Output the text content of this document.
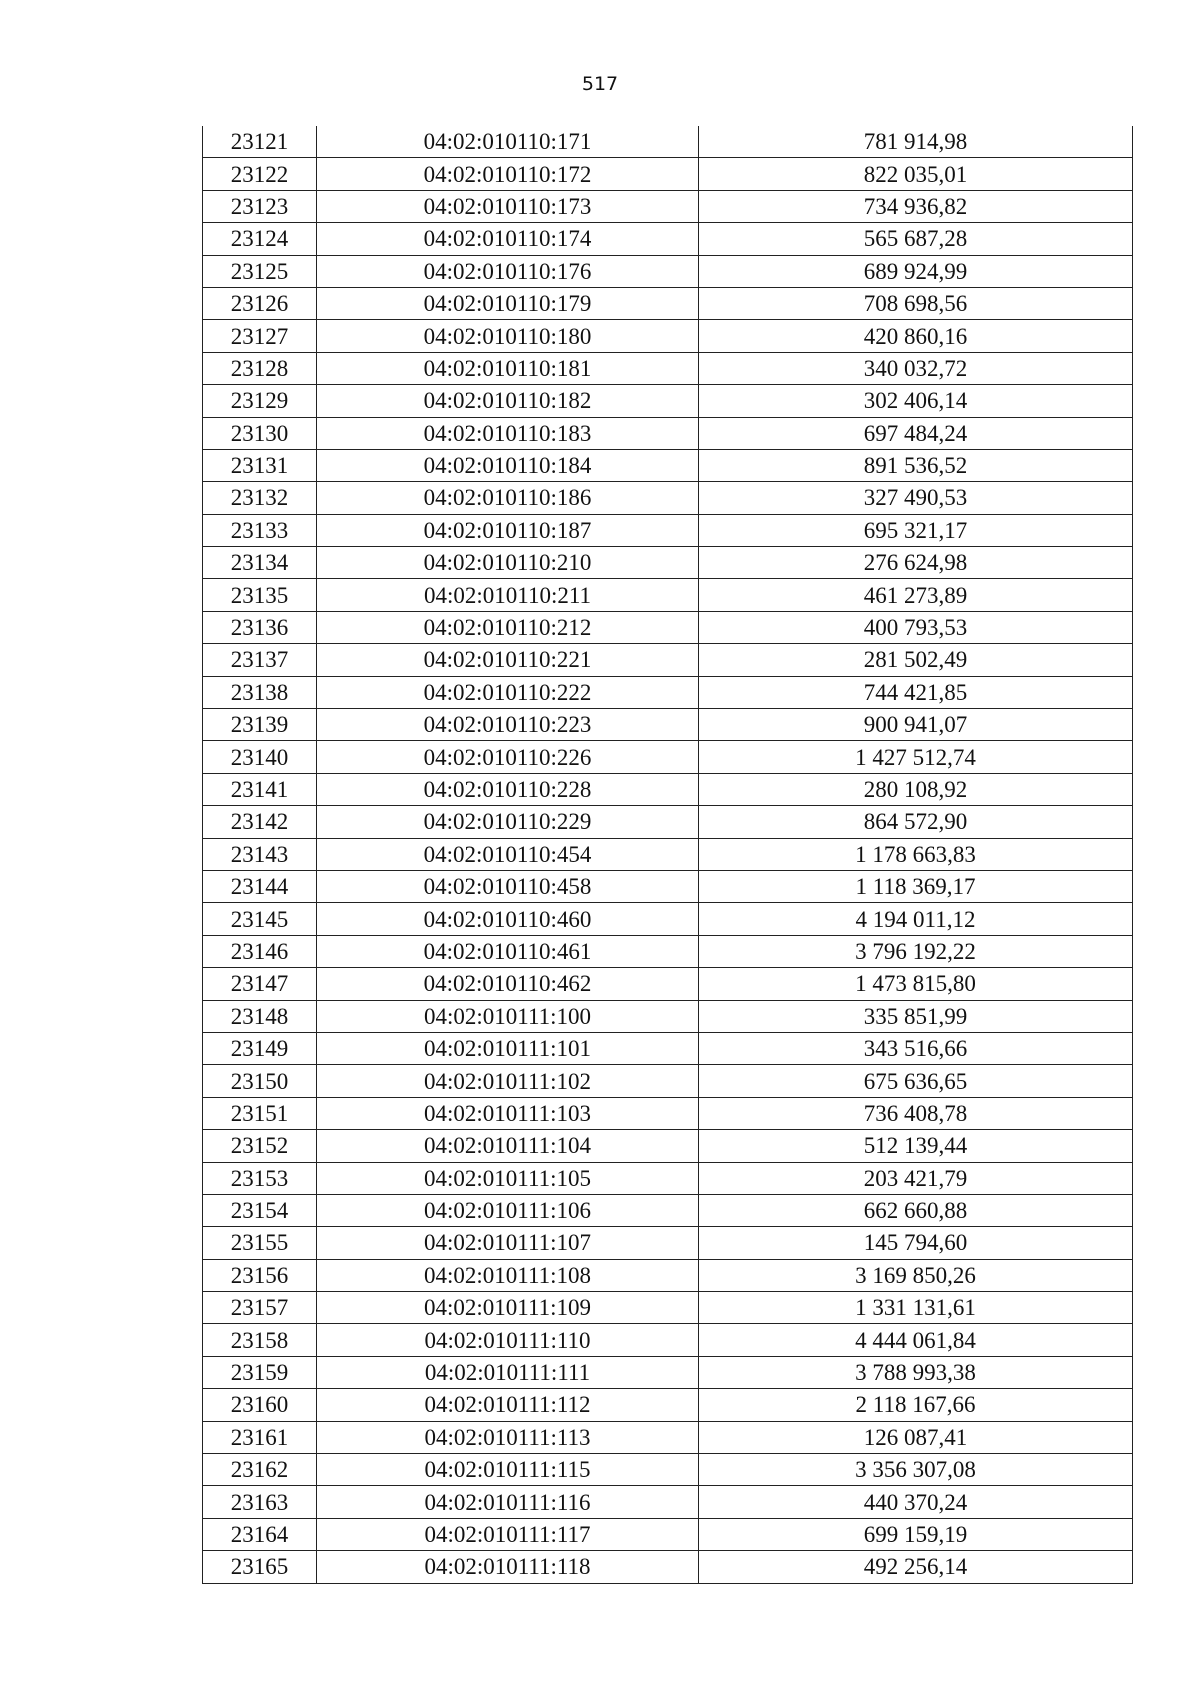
517
23121	04:02:010110:171	781 914,98
23122	04:02:010110:172	822 035,01
23123	04:02:010110:173	734 936,82
23124	04:02:010110:174	565 687,28
23125	04:02:010110:176	689 924,99
23126	04:02:010110:179	708 698,56
23127	04:02:010110:180	420 860,16
23128	04:02:010110:181	340 032,72
23129	04:02:010110:182	302 406,14
23130	04:02:010110:183	697 484,24
23131	04:02:010110:184	891 536,52
23132	04:02:010110:186	327 490,53
23133	04:02:010110:187	695 321,17
23134	04:02:010110:210	276 624,98
23135	04:02:010110:211	461 273,89
23136	04:02:010110:212	400 793,53
23137	04:02:010110:221	281 502,49
23138	04:02:010110:222	744 421,85
23139	04:02:010110:223	900 941,07
23140	04:02:010110:226	1 427 512,74
23141	04:02:010110:228	280 108,92
23142	04:02:010110:229	864 572,90
23143	04:02:010110:454	1 178 663,83
23144	04:02:010110:458	1 118 369,17
23145	04:02:010110:460	4 194 011,12
23146	04:02:010110:461	3 796 192,22
23147	04:02:010110:462	1 473 815,80
23148	04:02:010111:100	335 851,99
23149	04:02:010111:101	343 516,66
23150	04:02:010111:102	675 636,65
23151	04:02:010111:103	736 408,78
23152	04:02:010111:104	512 139,44
23153	04:02:010111:105	203 421,79
23154	04:02:010111:106	662 660,88
23155	04:02:010111:107	145 794,60
23156	04:02:010111:108	3 169 850,26
23157	04:02:010111:109	1 331 131,61
23158	04:02:010111:110	4 444 061,84
23159	04:02:010111:111	3 788 993,38
23160	04:02:010111:112	2 118 167,66
23161	04:02:010111:113	126 087,41
23162	04:02:010111:115	3 356 307,08
23163	04:02:010111:116	440 370,24
23164	04:02:010111:117	699 159,19
23165	04:02:010111:118	492 256,14
